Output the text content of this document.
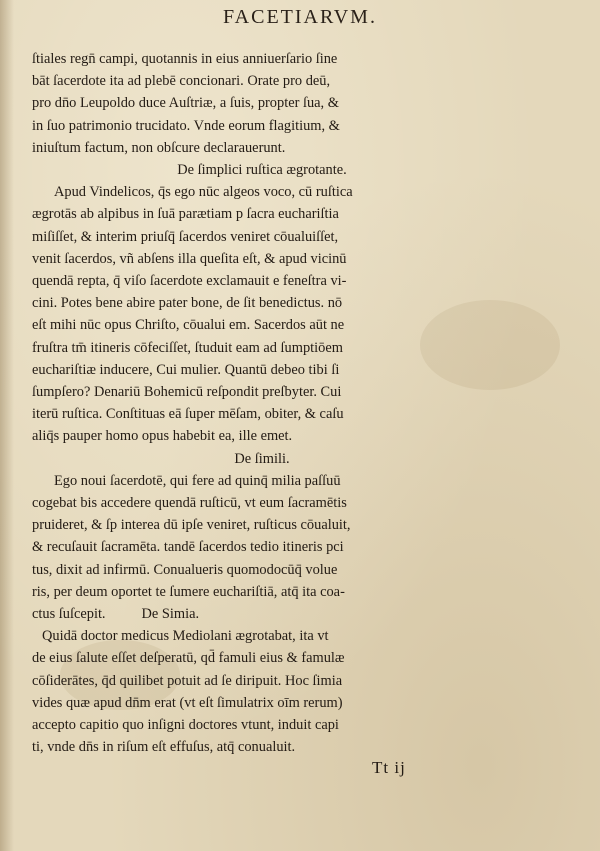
FACETIARVM.
ſtiales regn̄ campi, quotannis in eius anniuerſario ſine
bāt ſacerdote ita ad plebē concionari. Orate pro deū,
pro dn̄o Leupoldo duce Auſtriæ, a ſuis, propter ſua, &
in ſuo patrimonio trucidato. Vnde eorum flagitium, &
iniuſtum factum, non obſcure declarauerunt.
De ſimplici ruſtica ægrotante.
Apud Vindelicos, q̄s ego nūc algeos voco, cū ruſtica
ægrotās ab alpibus in ſuā parætiam p ſacra euchariſtia
miſiſſet, & interim priuſq̄ ſacerdos veniret cōualuiſſet,
venit ſacerdos, vñ abſens illa queſita eſt, & apud vicinū
quendā repta, q̄ viſo ſacerdote exclamauit e feneſtra vi-
cini. Potes bene abire pater bone, de ſit benedictus. nō
eſt mihi nūc opus Chriſto, cōualui em. Sacerdos aūt ne
fruſtra tm̄ itineris cōfeciſſet, ſtuduit eam ad ſumptiōem
euchariſtiæ inducere, Cui mulier. Quantū debeo tibi ſi
ſumpſero? Denariū Bohemicū reſpondit preſbyter. Cui
iterū ruſtica. Conſtituas eā ſuper mēſam, obiter, & caſu
aliq̄s pauper homo opus habebit ea, ille emet.
De ſimili.
Ego noui ſacerdotē, qui fere ad quinq̄ milia paſſuū
cogebat bis accedere quendā ruſticū, vt eum ſacramētis
pruideret, & ſp interea dū ipſe veniret, ruſticus cōualuit,
& recuſauit ſacramēta. tandē ſacerdos tedio itineris pci
tus, dixit ad infirmū. Conualueris quomodocūq̄ volue
ris, per deum oportet te ſumere euchariſtiā, atq̄ ita coa-
ctus ſuſcepit.          De Simia.
Quidā doctor medicus Mediolani ægrotabat, ita vt
de eius ſalute eſſet deſperatū, qd̄ famuli eius & famulæ
cōſiderātes, q̄d quilibet potuit ad ſe diripuit. Hoc ſimia
vides quæ apud dn̄m erat (vt eſt ſimulatrix oīm rerum)
accepto capitio quo inſigni doctores vtunt, induit capi
ti, vnde dn̄s in riſum eſt effuſus, atq̄ conualuit.
Tt ij
